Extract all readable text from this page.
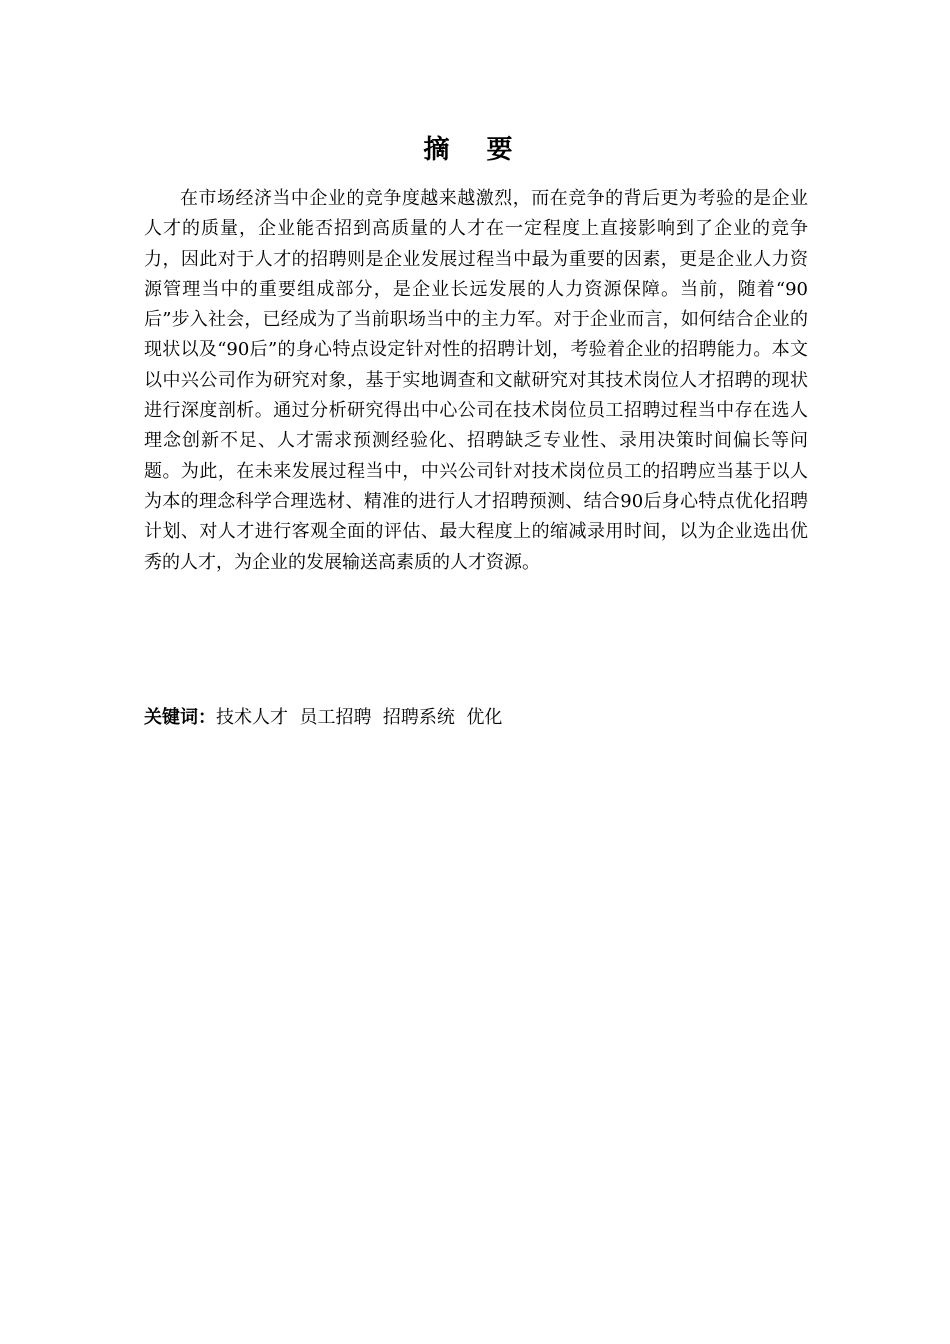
摘 要

在市场经济当中企业的竞争度越来越激烈，而在竞争的背后更为考验的是企业人才的质量，企业能否招到高质量的人才在一定程度上直接影响到了企业的竞争力，因此对于人才的招聘则是企业发展过程当中最为重要的因素，更是企业人力资源管理当中的重要组成部分，是企业长远发展的人力资源保障。当前，随着“90后”步入社会，已经成为了当前职场当中的主力军。对于企业而言，如何结合企业的现状以及“90后”的身心特点设定针对性的招聘计划，考验着企业的招聘能力。本文以中兴公司作为研究对象，基于实地调查和文献研究对其技术岗位人才招聘的现状进行深度剖析。通过分析研究得出中心公司在技术岗位员工招聘过程当中存在选人理念创新不足、人才需求预测经验化、招聘缺乏专业性、录用决策时间偏长等问题。为此，在未来发展过程当中，中兴公司针对技术岗位员工的招聘应当基于以人为本的理念科学合理选材、精准的进行人才招聘预测、结合90后身心特点优化招聘计划、对人才进行客观全面的评估、最大程度上的缩减录用时间，以为企业选出优秀的人才，为企业的发展输送高素质的人才资源。

关键词：技术人才  员工招聘  招聘系统  优化
